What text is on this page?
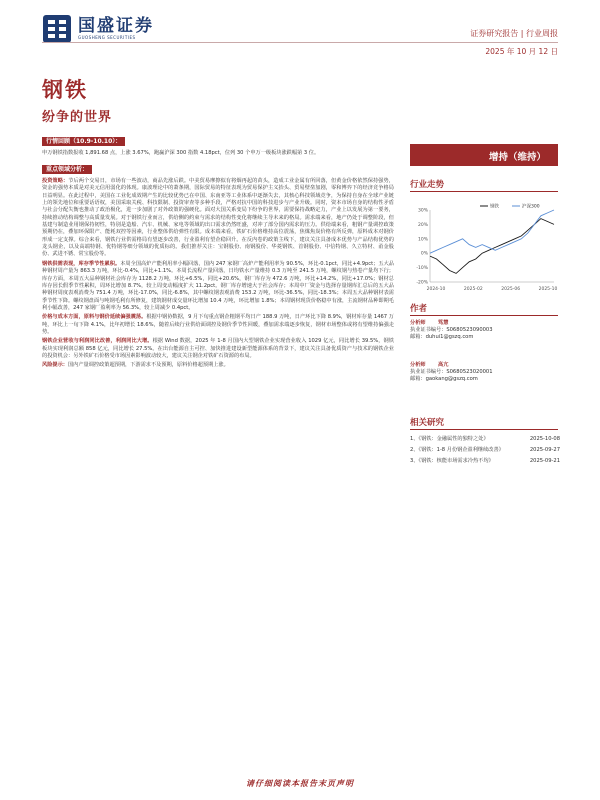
国盛证券
GUOSHENG SECURITIES	证券研究报告 | 行业周报
2025 年 10 月 12 日
钢铁
纷争的世界
行情回顾（10.9-10.10）：
申万钢铁指数报收 1,891.68 点，上涨 3.67%，跑赢沪深 300 指数 4.18pct，位列 30 个申万一级板块涨跌幅第 3 位。
重点领域分析：
投资策略：节后两个交易日，市场有一些波动，商品先涨后跌。中美贸易摩擦似有将烟再起的苗头，造成工业金属有所回落，但黄金价格依然保持强势，资金的强势本质是对美元信用弱化的体现。康波理论中的萧条期，国际贸易的特征表现为贸易保护主义抬头、贸易壁垒加剧，零和博弈下的经济竞争格局日益明显。在此过程中，美国在工业化成效期产生的比较优势已在中国、东南亚等工业体系中逐渐失去，其核心科技领域竞争，为保持自身在全球产业链上的领先地位和重要话语权，美国采取关税、科技限制、投资审查等多种手段，严格对抗中国的科技进步与产业升级。同时，资本市场自身的结构性矛盾与社会分配失衡也推动了政治极化，进一步加剧了对外政策的强硬化。面对大国关系变局下纷争的世界，需要保持战略定力，产业上以发展为第一要务，持续推动结构调整与高质量发展。对于钢铁行业而言，供给侧的约束与需求的结构性变化将继续主导未来的格局。需求端来看，地产仍处于调整阶段，但基建与制造业用钢保持韧性，特别是造船、汽车、机械、家电等领域的出口需求仍然旺盛，对冲了部分国内需求的压力。供给端来看，粗钢产量调控政策预期仍在，叠加环保限产、能耗双控等因素，行业整体供给弹性有限。成本端来看，铁矿石价格维持高位震荡，焦煤焦炭价格有所反弹，原料成本对钢价形成一定支撑。综合来看，钢铁行业供需格局有望逐步改善，行业盈利有望企稳回升。在反内卷的政策主线下，建议关注具备成本优势与产品结构优势的龙头钢企，以及高端特钢、优特钢等细分领域的优质标的。我们推荐关注：宝钢股份、南钢股份、华菱钢铁、首钢股份、中信特钢、久立特材、甬金股份、武进不锈、常宝股份等。
钢铁供需表现，库存季节性累积。本周全国高炉产能利用率小幅回落，国内 247 家钢厂高炉产能利用率为 90.5%，环比-0.1pct，同比+4.9pct；五大品种钢材周产量为 863.3 万吨，环比-0.4%，同比+1.1%。本周长流程产量回落，日均铁水产量维持 0.3 万吨至 241.5 万吨，螺纹钢与热卷产量均下行；库存方面，本周五大品种钢材社会库存为 1128.2 万吨，环比+6.5%，同比+20.6%，钢厂库存为 472.6 万吨，环比+14.2%，同比+17.0%；钢材总库存因长假季节性累积，周环比增加 8.7%，较上周变动幅度扩大 11.2pct。钢厂库存增速大于社会库存；本周中厂资金与选择存量钢库汇总后的五大品种钢材周度表观消费为 751.4 万吨，环比-17.0%，同比-6.8%，其中螺纹钢表观消费 153.2 万吨，环比-36.5%，同比-18.3%；本周五大品种钢材表需季节性下降。螺纹钢盘面与吨钢毛利有所修复，建筑钢材成交量环比增加 10.4 万吨，环比增加 1.8%；本周钢材现货价格稳中有涨，主流钢材品种即期毛利小幅改善，247 家钢厂盈利率为 56.3%，较上周减少 0.4pct。
价格与成本方面，原料与钢价延续偏强震荡。根据中钢协数据，9 月下旬重点钢企粗钢平均日产 188.9 万吨，日产环比下降 8.9%，钢材库存量 1467 万吨，环比上一旬下降 4.1%，比年初增长 18.6%，随着后续行业供给面调控及钢价季节性回暖，叠加需求端逐步恢复，钢材市场整体或将有望维持偏强走势。
钢铁企业营收与利润同比改善，利润同比大增。根据 Wind 数据，2025 年 1-8 月国内大型钢铁企业实现营业收入 1029 亿元，同比增长 39.5%，钢铁板块实现利润总额 858 亿元，同比增长 27.5%。在出台能源自主可控、加快推进建设新型能源体系的背景下，建议关注具备优质资产与技术的钢铁企业的投资机会：另外铁矿石价格受市场因素影响波动较大，建议关注钢企对铁矿石资源的布局。
风险提示：国内产量调控政策超预期，下游需求不及预期，原料价格超预期上涨。
增持（维持）
行业走势
30%
20%
10%
0%
-10%
-20%
2024-10	2025-02	2025-06	2025-10
钢铁	沪深300
作者
分析师 笃慧
执业证书编号：S0680523090003
邮箱：duhui1@gszq.com
分析师 高亢
执业证书编号：S0680523020001
邮箱：gaokang@gszq.com
相关研究
1、《钢铁：金融属性的独特之处》	2025-10-08
2、《钢铁：1-8 月份钢企盈利继续改善》	2025-09-27
3、《钢铁：核能市场需求冷热不均》	2025-09-21
请仔细阅读本报告末页声明
